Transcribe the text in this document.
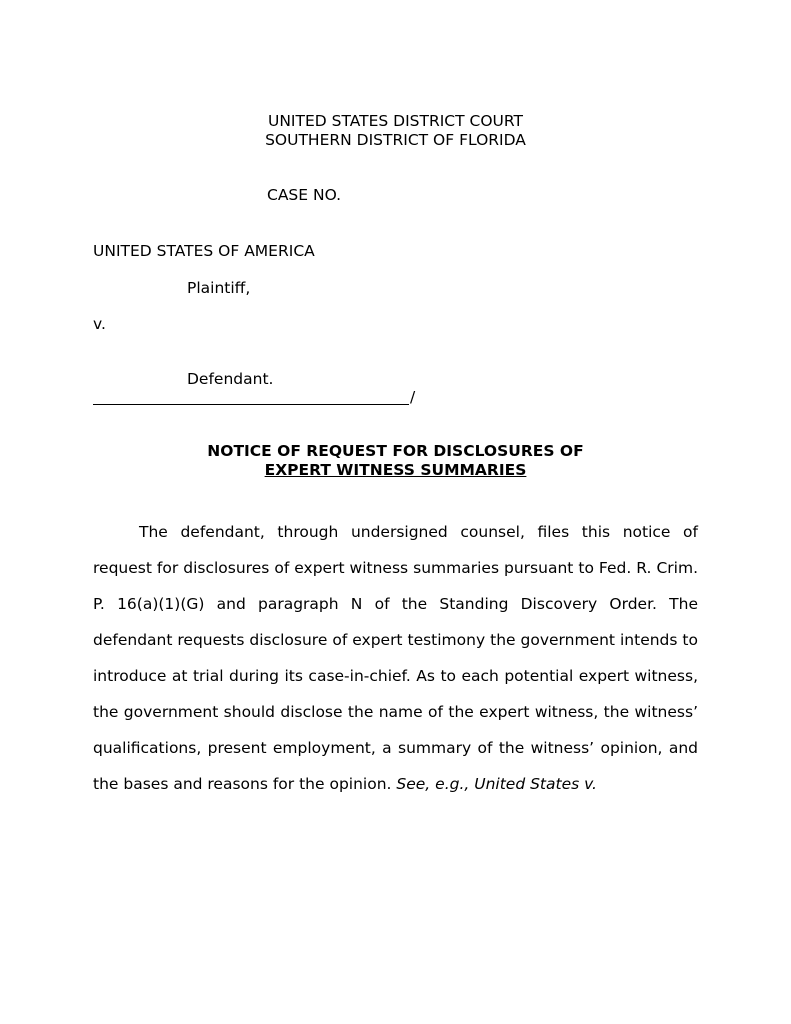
UNITED STATES DISTRICT COURT
SOUTHERN DISTRICT OF FLORIDA
CASE NO.
UNITED STATES OF AMERICA
Plaintiff,
v.
Defendant.
/
NOTICE OF REQUEST FOR DISCLOSURES OF
EXPERT WITNESS SUMMARIES
The defendant, through undersigned counsel, files this notice of request for disclosures of expert witness summaries pursuant to Fed. R. Crim. P. 16(a)(1)(G) and paragraph N of the Standing Discovery Order. The defendant requests disclosure of expert testimony the government intends to introduce at trial during its case-in-chief. As to each potential expert witness, the government should disclose the name of the expert witness, the witness’ qualifications, present employment, a summary of the witness’ opinion, and the bases and reasons for the opinion. See, e.g., United States v.
